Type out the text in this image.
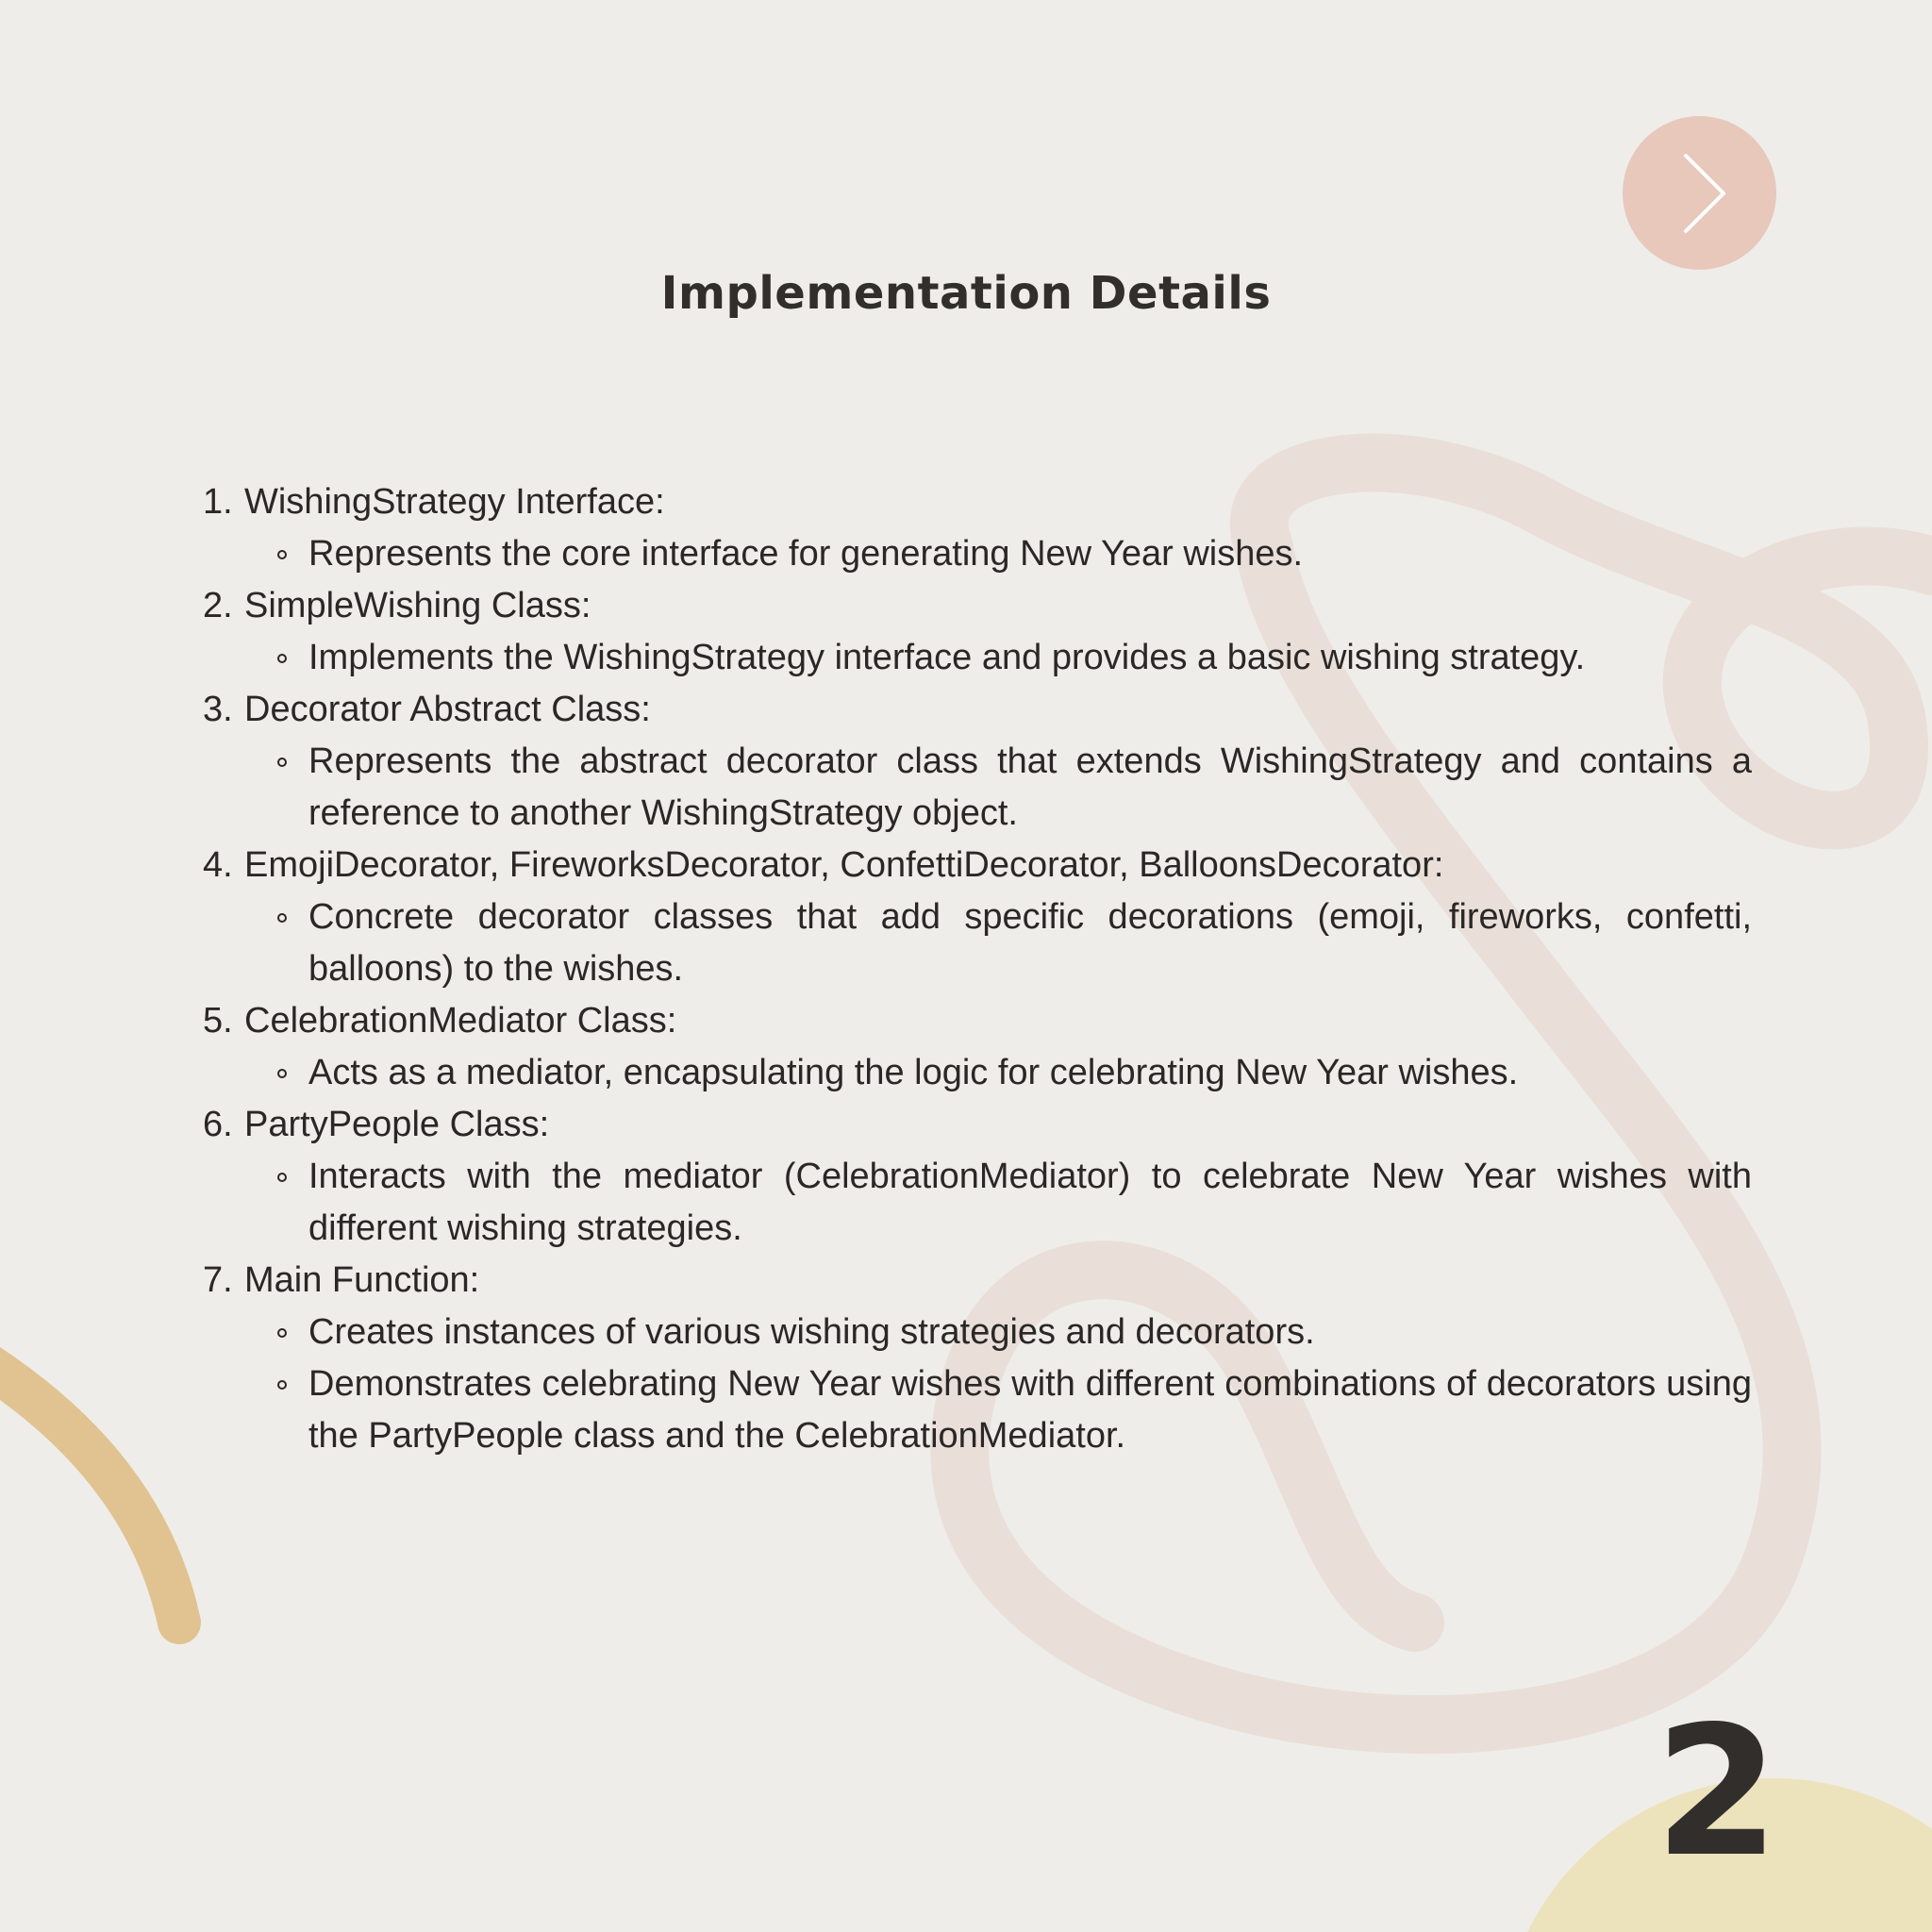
Implementation Details
1. WishingStrategy Interface:
Represents the core interface for generating New Year wishes.
2. SimpleWishing Class:
Implements the WishingStrategy interface and provides a basic wishing strategy.
3. Decorator Abstract Class:
Represents the abstract decorator class that extends WishingStrategy and contains a reference to another WishingStrategy object.
4. EmojiDecorator, FireworksDecorator, ConfettiDecorator, BalloonsDecorator:
Concrete decorator classes that add specific decorations (emoji, fireworks, confetti, balloons) to the wishes.
5. CelebrationMediator Class:
Acts as a mediator, encapsulating the logic for celebrating New Year wishes.
6. PartyPeople Class:
Interacts with the mediator (CelebrationMediator) to celebrate New Year wishes with different wishing strategies.
7. Main Function:
Creates instances of various wishing strategies and decorators.
Demonstrates celebrating New Year wishes with different combinations of decorators using the PartyPeople class and the CelebrationMediator.
2
